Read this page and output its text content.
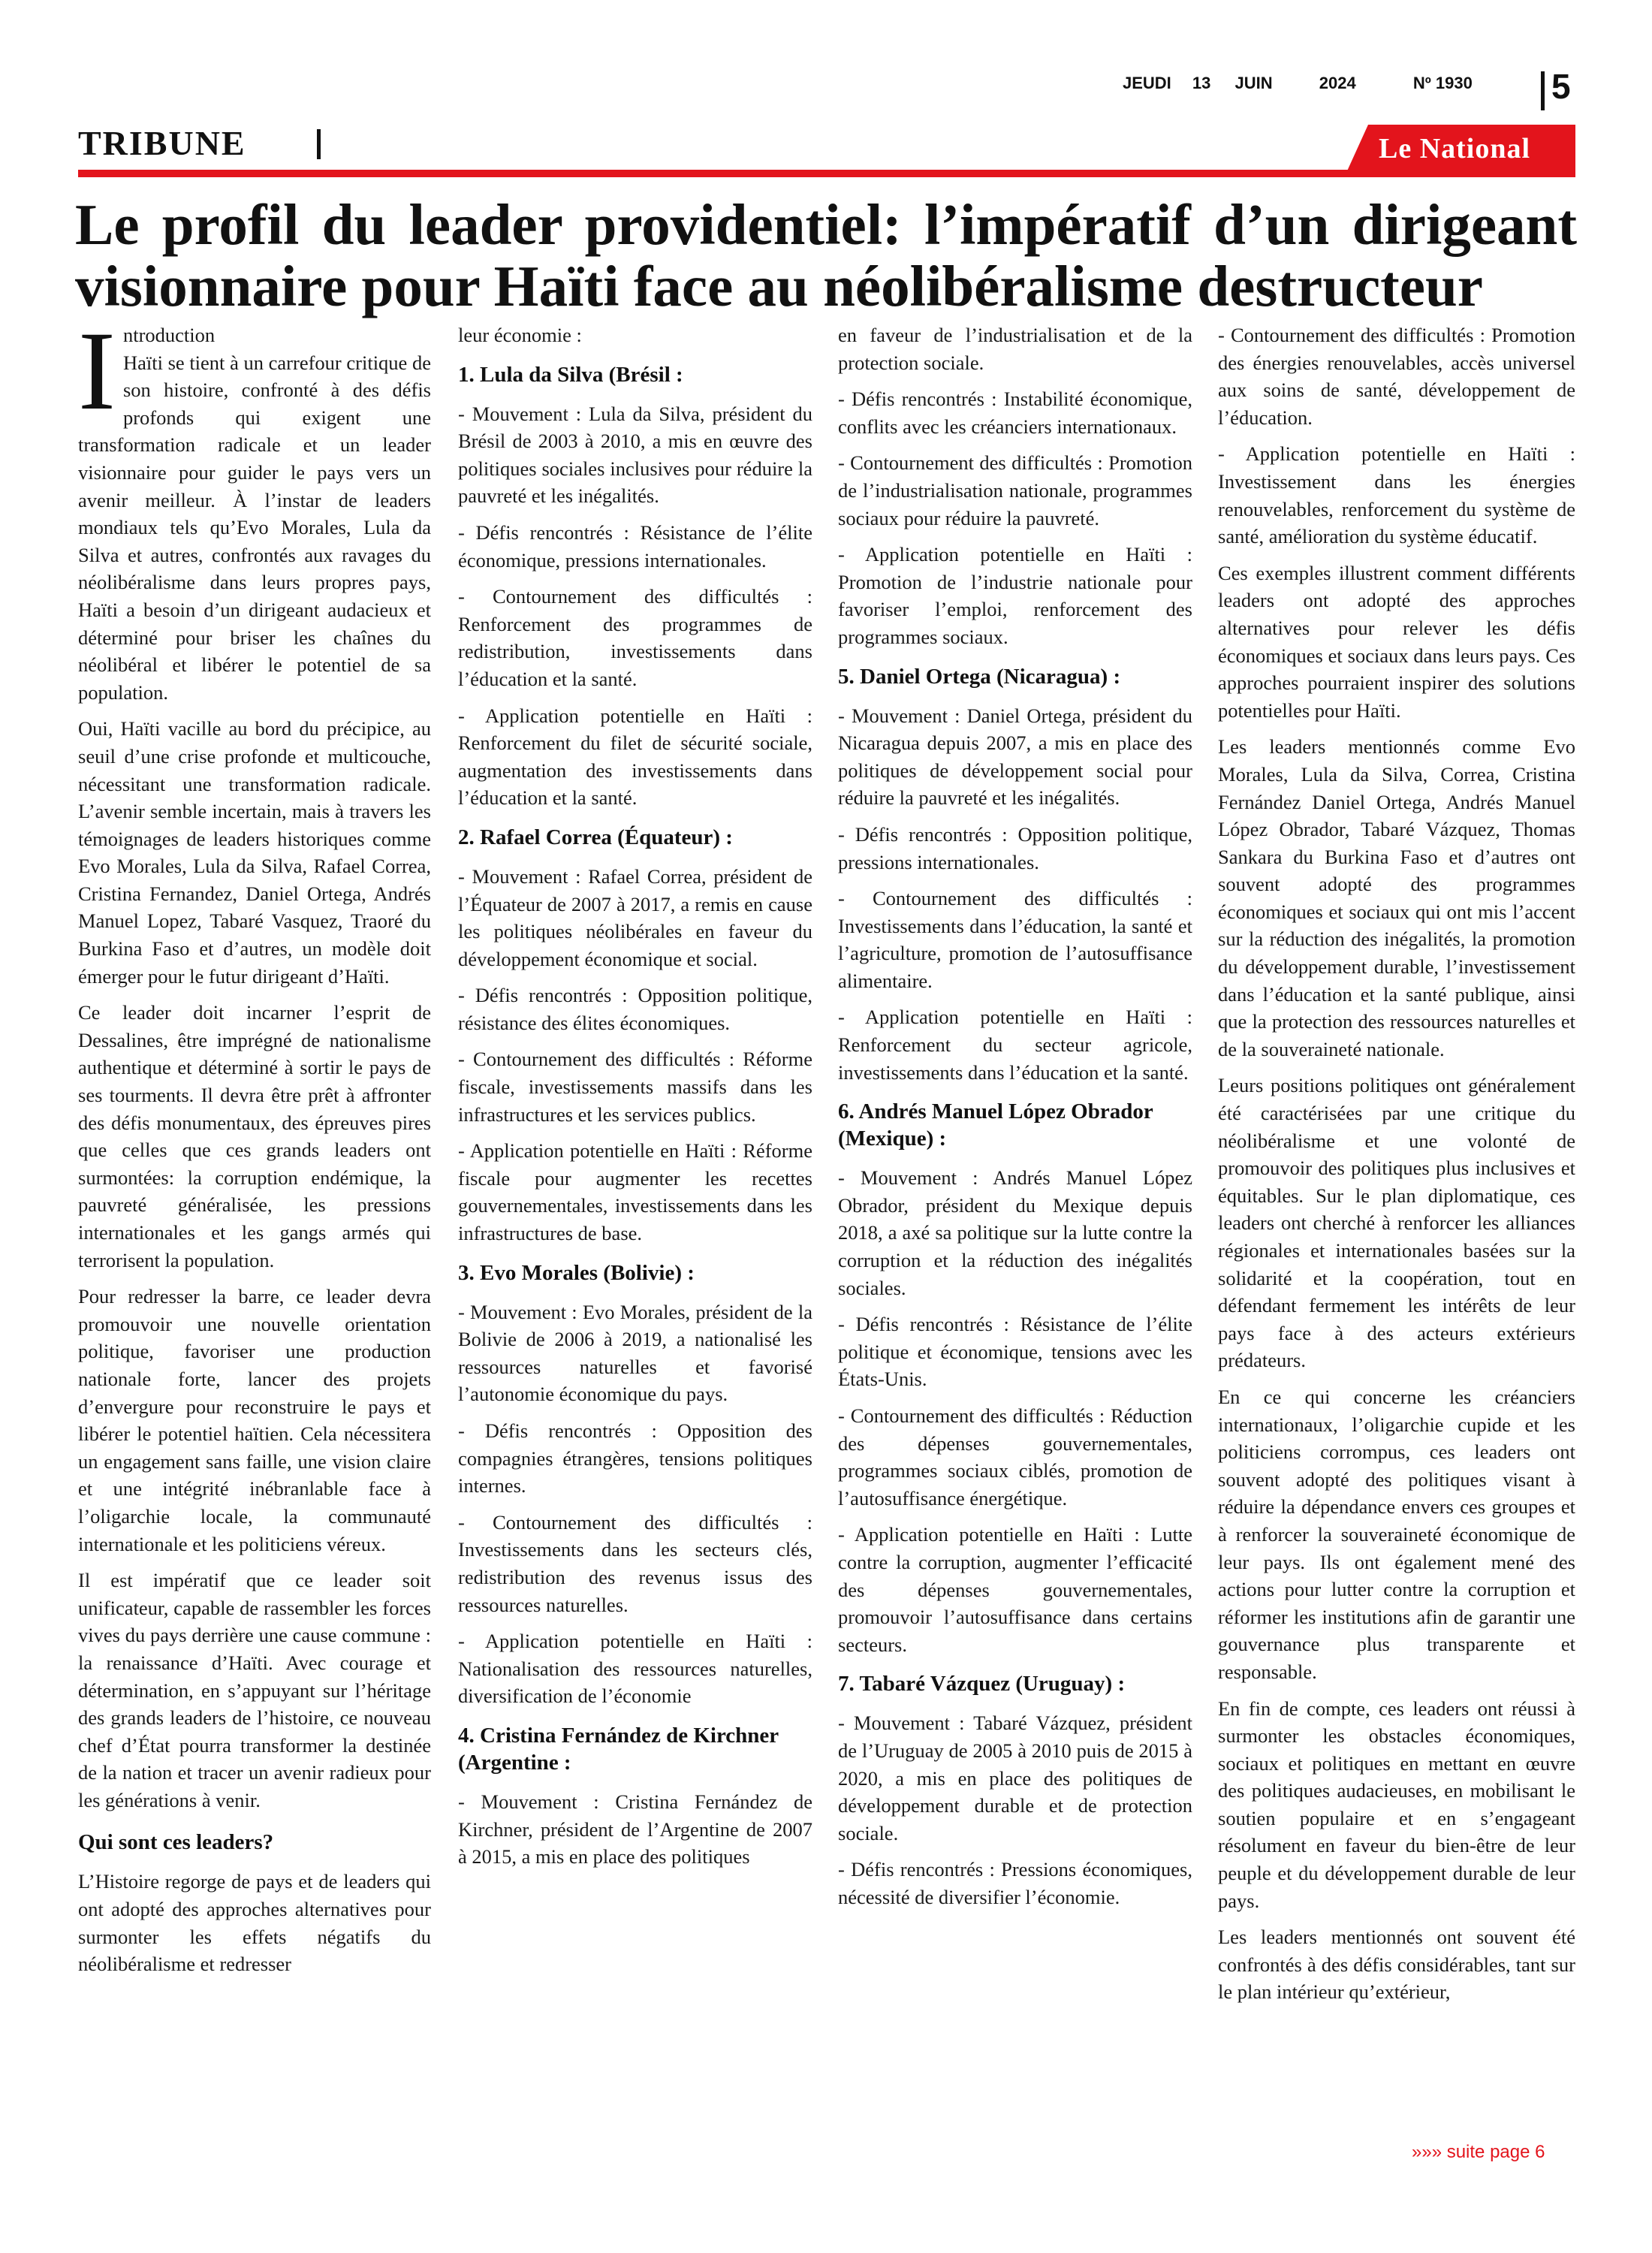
JEUDI 13 JUIN	2024	Nº 1930 5
TRIBUNE	Le National
Le profil du leader providentiel: l’impératif d’un dirigeant visionnaire pour Haïti face au néolibéralisme destructeur

Introduction
Haïti se tient à un carrefour critique de son histoire, confronté à des défis profonds qui exigent une transformation radicale et un leader visionnaire pour guider le pays vers un avenir meilleur. À l’instar de leaders mondiaux tels qu’Evo Morales, Lula da Silva et autres, confrontés aux ravages du néolibéralisme dans leurs propres pays, Haïti a besoin d’un dirigeant audacieux et déterminé pour briser les chaînes du néolibéral et libérer le potentiel de sa population.

Oui, Haïti vacille au bord du précipice, au seuil d’une crise profonde et multicouche, nécessitant une transformation radicale. L’avenir semble incertain, mais à travers les témoignages de leaders historiques comme Evo Morales, Lula da Silva, Rafael Correa, Cristina Fernandez, Daniel Ortega, Andrés Manuel Lopez, Tabaré Vasquez, Traoré du Burkina Faso et d’autres, un modèle doit émerger pour le futur dirigeant d’Haïti.

Ce leader doit incarner l’esprit de Dessalines, être imprégné de nationalisme authentique et déterminé à sortir le pays de ses tourments. Il devra être prêt à affronter des défis monumentaux, des épreuves pires que celles que ces grands leaders ont surmontées: la corruption endémique, la pauvreté généralisée, les pressions internationales et les gangs armés qui terrorisent la population.

Pour redresser la barre, ce leader devra promouvoir une nouvelle orientation politique, favoriser une production nationale forte, lancer des projets d’envergure pour reconstruire le pays et libérer le potentiel haïtien. Cela nécessitera un engagement sans faille, une vision claire et une intégrité inébranlable face à l’oligarchie locale, la communauté internationale et les politiciens véreux.

Il est impératif que ce leader soit unificateur, capable de rassembler les forces vives du pays derrière une cause commune : la renaissance d’Haïti. Avec courage et détermination, en s’appuyant sur l’héritage des grands leaders de l’histoire, ce nouveau chef d’État pourra transformer la destinée de la nation et tracer un avenir radieux pour les générations à venir.

Qui sont ces leaders?

L’Histoire regorge de pays et de leaders qui ont adopté des approches alternatives pour surmonter les effets négatifs du néolibéralisme et redresser

leur économie :

1. Lula da Silva (Brésil :

- Mouvement : Lula da Silva, président du Brésil de 2003 à 2010, a mis en œuvre des politiques sociales inclusives pour réduire la pauvreté et les inégalités.

- Défis rencontrés : Résistance de l’élite économique, pressions internationales.

- Contournement des difficultés : Renforcement des programmes de redistribution, investissements dans l’éducation et la santé.

- Application potentielle en Haïti : Renforcement du filet de sécurité sociale, augmentation des investissements dans l’éducation et la santé.

2. Rafael Correa (Équateur) :

- Mouvement : Rafael Correa, président de l’Équateur de 2007 à 2017, a remis en cause les politiques néolibérales en faveur du développement économique et social.

- Défis rencontrés : Opposition politique, résistance des élites économiques.

- Contournement des difficultés : Réforme fiscale, investissements massifs dans les infrastructures et les services publics.

- Application potentielle en Haïti : Réforme fiscale pour augmenter les recettes gouvernementales, investissements dans les infrastructures de base.

3. Evo Morales (Bolivie) :

- Mouvement : Evo Morales, président de la Bolivie de 2006 à 2019, a nationalisé les ressources naturelles et favorisé l’autonomie économique du pays.

- Défis rencontrés : Opposition des compagnies étrangères, tensions politiques internes.

- Contournement des difficultés : Investissements dans les secteurs clés, redistribution des revenus issus des ressources naturelles.

- Application potentielle en Haïti : Nationalisation des ressources naturelles, diversification de l’économie

4. Cristina Fernández de Kirchner (Argentine :

- Mouvement : Cristina Fernández de Kirchner, président de l’Argentine de 2007 à 2015, a mis en place des politiques

en faveur de l’industrialisation et de la protection sociale.

- Défis rencontrés : Instabilité économique, conflits avec les créanciers internationaux.

- Contournement des difficultés : Promotion de l’industrialisation nationale, programmes sociaux pour réduire la pauvreté.

- Application potentielle en Haïti : Promotion de l’industrie nationale pour favoriser l’emploi, renforcement des programmes sociaux.

5. Daniel Ortega (Nicaragua) :

- Mouvement : Daniel Ortega, président du Nicaragua depuis 2007, a mis en place des politiques de développement social pour réduire la pauvreté et les inégalités.

- Défis rencontrés : Opposition politique, pressions internationales.

- Contournement des difficultés : Investissements dans l’éducation, la santé et l’agriculture, promotion de l’autosuffisance alimentaire.

- Application potentielle en Haïti : Renforcement du secteur agricole, investissements dans l’éducation et la santé.

6. Andrés Manuel López Obrador (Mexique) :

- Mouvement : Andrés Manuel López Obrador, président du Mexique depuis 2018, a axé sa politique sur la lutte contre la corruption et la réduction des inégalités sociales.

- Défis rencontrés : Résistance de l’élite politique et économique, tensions avec les États-Unis.

- Contournement des difficultés : Réduction des dépenses gouvernementales, programmes sociaux ciblés, promotion de l’autosuffisance énergétique.

- Application potentielle en Haïti : Lutte contre la corruption, augmenter l’efficacité des dépenses gouvernementales, promouvoir l’autosuffisance dans certains secteurs.

7. Tabaré Vázquez (Uruguay) :

- Mouvement : Tabaré Vázquez, président de l’Uruguay de 2005 à 2010 puis de 2015 à 2020, a mis en place des politiques de développement durable et de protection sociale.

- Défis rencontrés : Pressions économiques, nécessité de diversifier l’économie.

- Contournement des difficultés : Promotion des énergies renouvelables, accès universel aux soins de santé, développement de l’éducation.

- Application potentielle en Haïti : Investissement dans les énergies renouvelables, renforcement du système de santé, amélioration du système éducatif.

Ces exemples illustrent comment différents leaders ont adopté des approches alternatives pour relever les défis économiques et sociaux dans leurs pays. Ces approches pourraient inspirer des solutions potentielles pour Haïti.

Les leaders mentionnés comme Evo Morales, Lula da Silva, Correa, Cristina Fernández Daniel Ortega, Andrés Manuel López Obrador, Tabaré Vázquez, Thomas Sankara du Burkina Faso et d’autres ont souvent adopté des programmes économiques et sociaux qui ont mis l’accent sur la réduction des inégalités, la promotion du développement durable, l’investissement dans l’éducation et la santé publique, ainsi que la protection des ressources naturelles et de la souveraineté nationale.

Leurs positions politiques ont généralement été caractérisées par une critique du néolibéralisme et une volonté de promouvoir des politiques plus inclusives et équitables. Sur le plan diplomatique, ces leaders ont cherché à renforcer les alliances régionales et internationales basées sur la solidarité et la coopération, tout en défendant fermement les intérêts de leur pays face à des acteurs extérieurs prédateurs.

En ce qui concerne les créanciers internationaux, l’oligarchie cupide et les politiciens corrompus, ces leaders ont souvent adopté des politiques visant à réduire la dépendance envers ces groupes et à renforcer la souveraineté économique de leur pays. Ils ont également mené des actions pour lutter contre la corruption et réformer les institutions afin de garantir une gouvernance plus transparente et responsable.

En fin de compte, ces leaders ont réussi à surmonter les obstacles économiques, sociaux et politiques en mettant en œuvre des politiques audacieuses, en mobilisant le soutien populaire et en s’engageant résolument en faveur du bien-être de leur peuple et du développement durable de leur pays.

Les leaders mentionnés ont souvent été confrontés à des défis considérables, tant sur le plan intérieur qu’extérieur,

»»» suite page 6
